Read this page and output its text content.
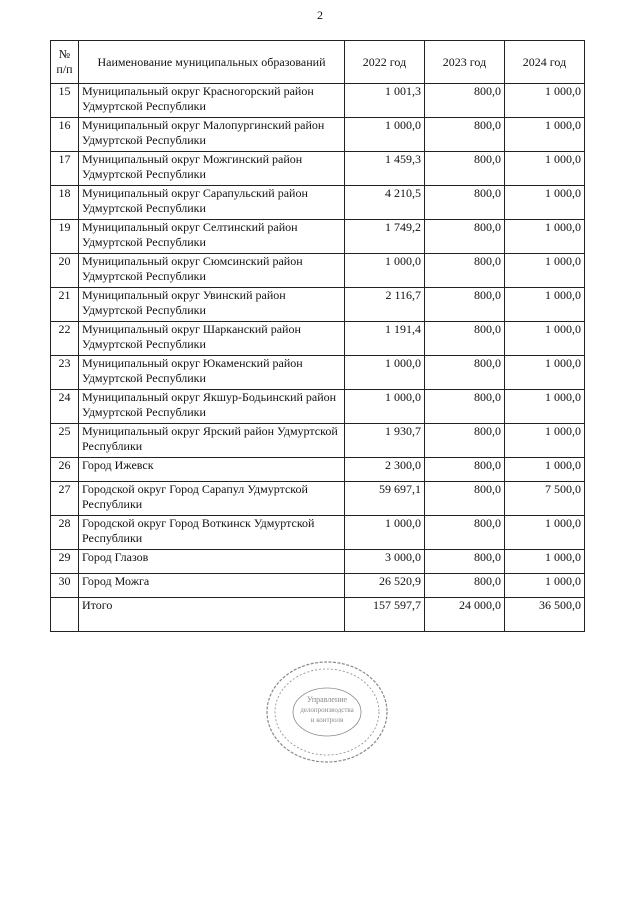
2
№ п/п	Наименование муниципальных образований	2022 год	2023 год	2024 год
15	Муниципальный округ Красногорский район Удмуртской Республики	1 001,3	800,0	1 000,0
16	Муниципальный округ Малопургинский район Удмуртской Республики	1 000,0	800,0	1 000,0
17	Муниципальный округ Можгинский район Удмуртской Республики	1 459,3	800,0	1 000,0
18	Муниципальный округ Сарапульский район Удмуртской Республики	4 210,5	800,0	1 000,0
19	Муниципальный округ Селтинский район Удмуртской Республики	1 749,2	800,0	1 000,0
20	Муниципальный округ Сюмсинский район Удмуртской Республики	1 000,0	800,0	1 000,0
21	Муниципальный округ Увинский район Удмуртской Республики	2 116,7	800,0	1 000,0
22	Муниципальный округ Шарканский район Удмуртской Республики	1 191,4	800,0	1 000,0
23	Муниципальный округ Юкаменский район Удмуртской Республики	1 000,0	800,0	1 000,0
24	Муниципальный округ Якшур-Бодьинский район Удмуртской Республики	1 000,0	800,0	1 000,0
25	Муниципальный округ Ярский район Удмуртской Республики	1 930,7	800,0	1 000,0
26	Город Ижевск	2 300,0	800,0	1 000,0
27	Городской округ Город Сарапул Удмуртской Республики	59 697,1	800,0	7 500,0
28	Городской округ Город Воткинск Удмуртской Республики	1 000,0	800,0	1 000,0
29	Город Глазов	3 000,0	800,0	1 000,0
30	Город Можга	26 520,9	800,0	1 000,0
	Итого	157 597,7	24 000,0	36 500,0
Управление
делопроизводства
и контроля
